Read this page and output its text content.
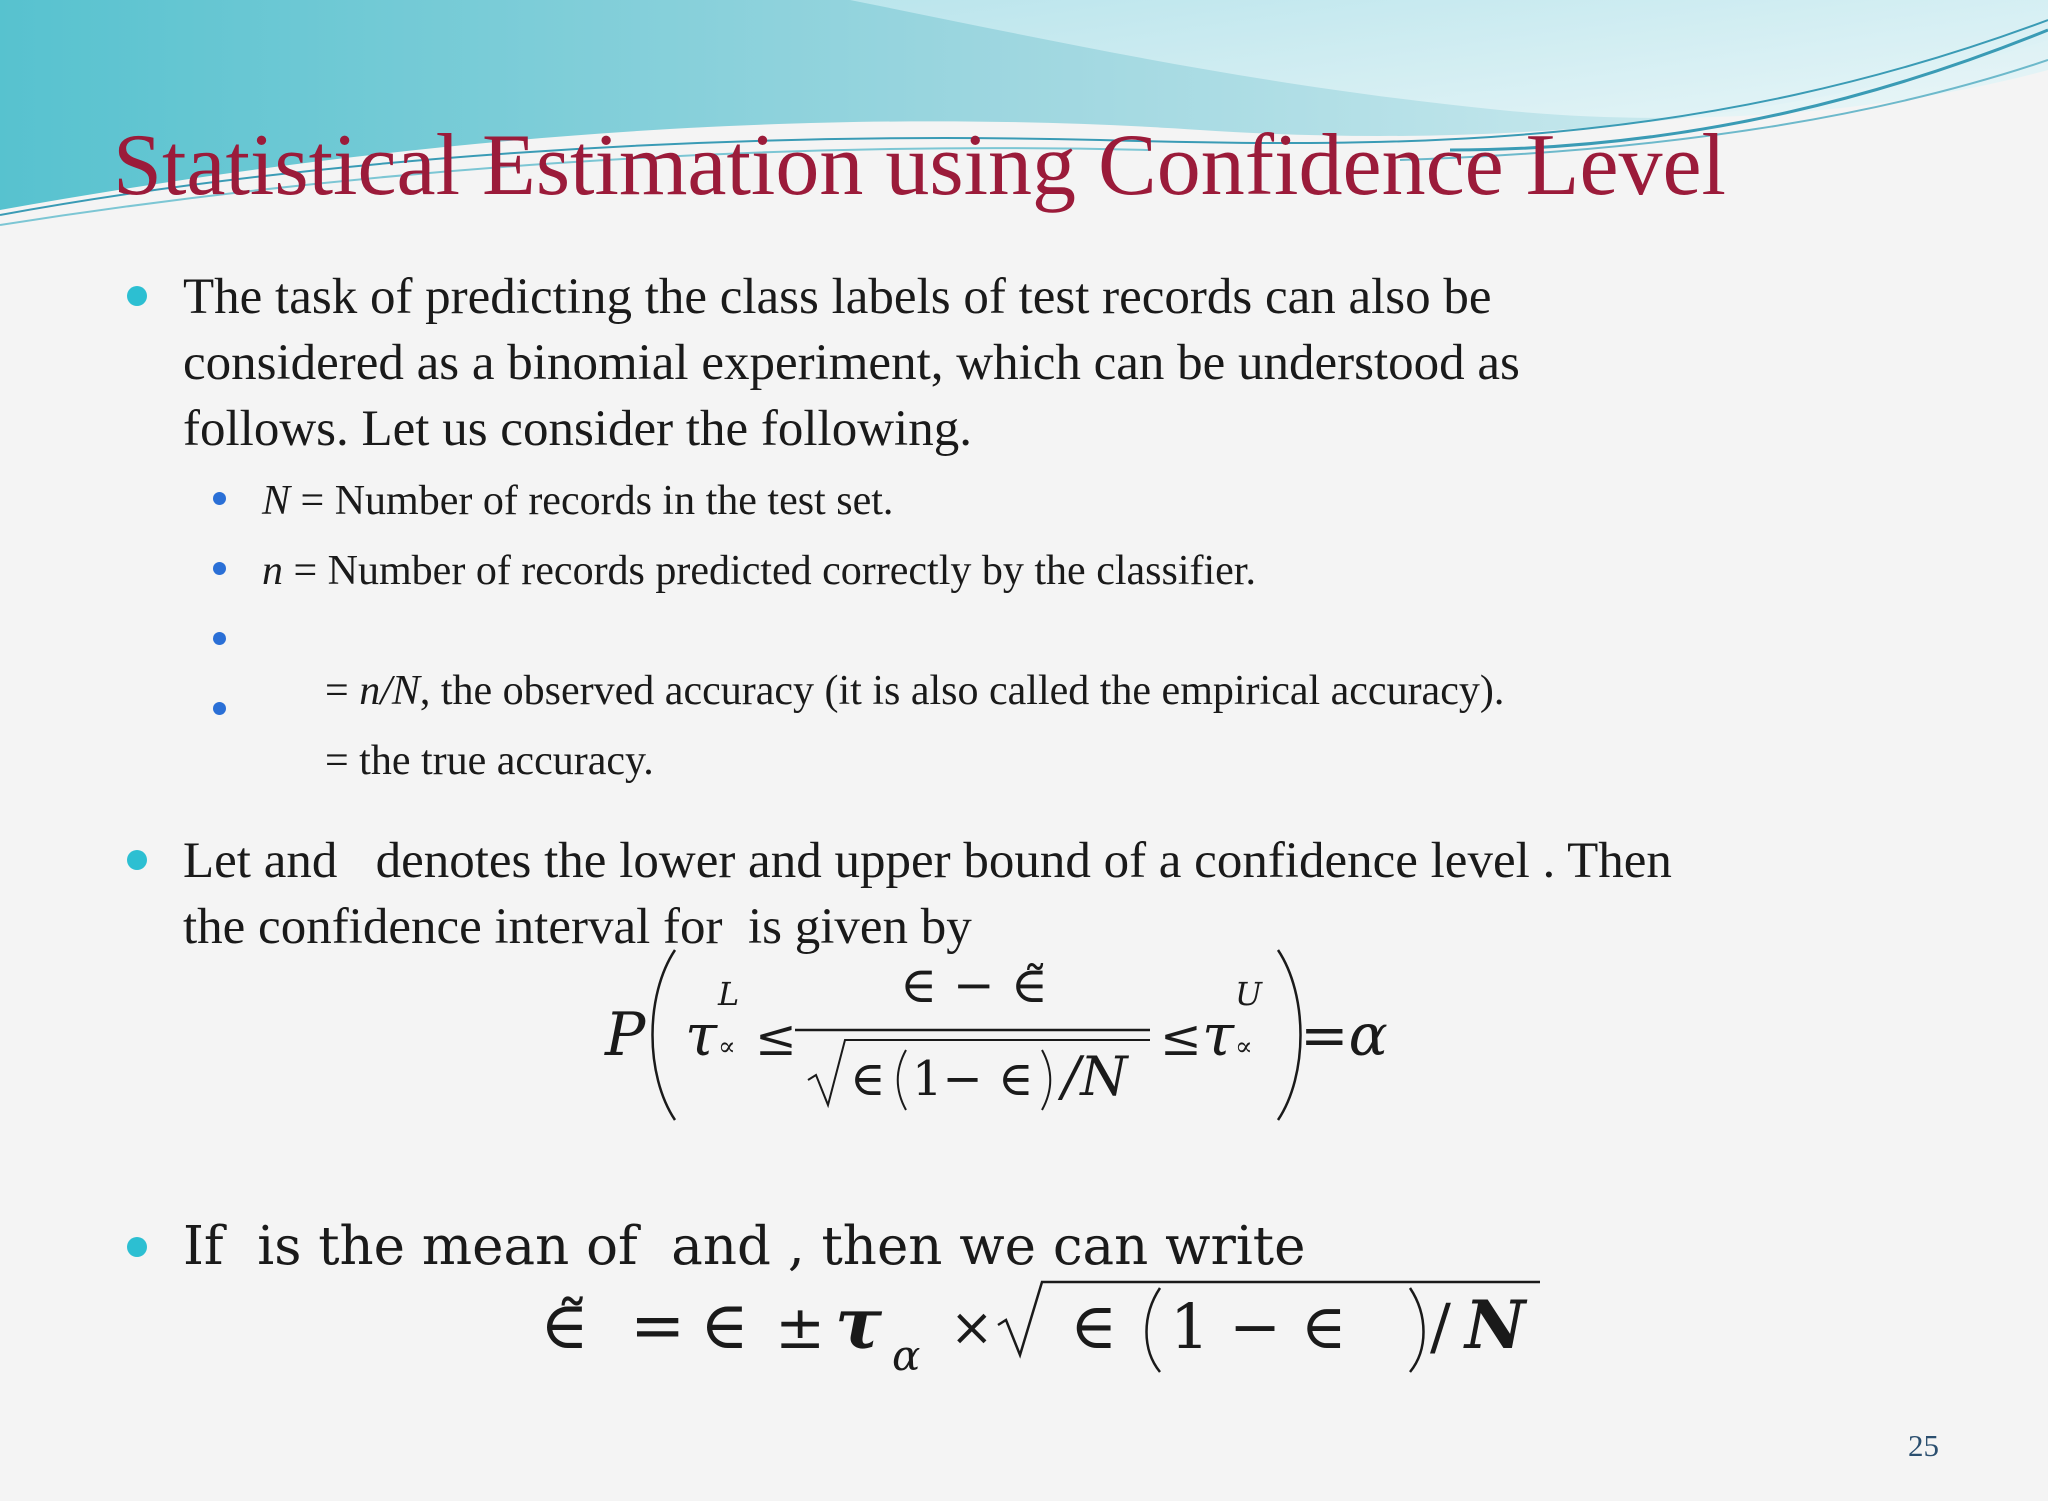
Statistical Estimation using Confidence Level

The task of predicting the class labels of test records can also be

considered as a binomial experiment, which can be understood as

follows. Let us consider the following.

N = Number of records in the test set.

n = Number of records predicted correctly by the classifier.

= n/N, the observed accuracy (it is also called the empirical accuracy).

= the true accuracy.

Let and   denotes the lower and upper bound of a confidence level . Then

the confidence interval for  is given by

P τ
L
∝ ≤
∈ − ∈̃
∈ 1− ∈ /N
≤ τ
U
∝ =α

If  is the mean of  and , then we can write

∈̃ = ∈ ± τ α × ∈ 1 − ∈ / N
25
